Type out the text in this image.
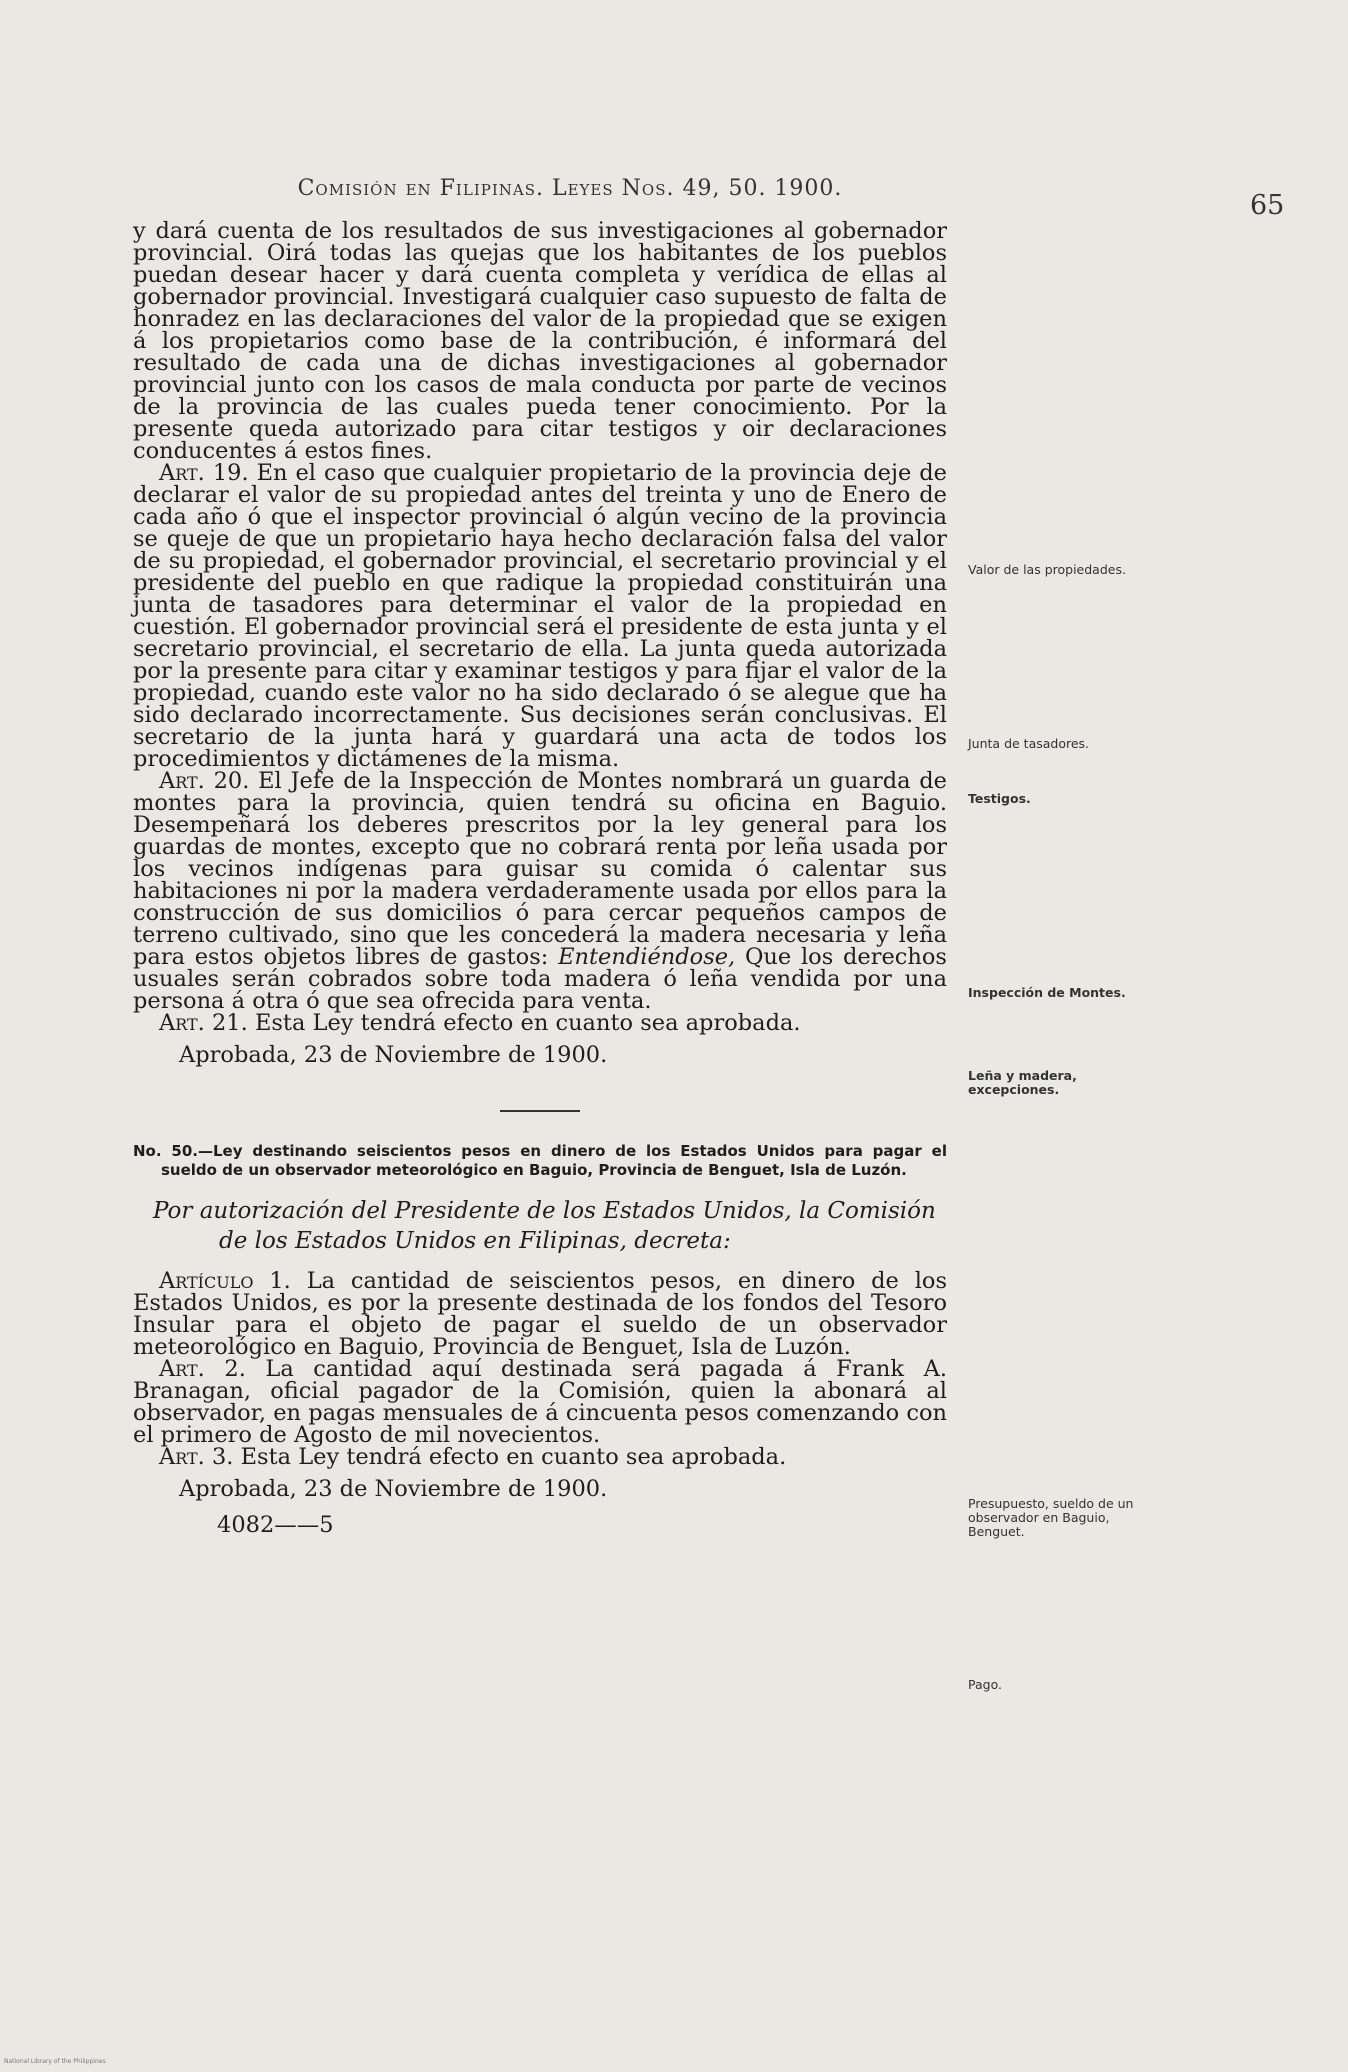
Comisión en Filipinas. Leyes Nos. 49, 50. 1900.
65

y dará cuenta de los resultados de sus investigaciones al gobernador provincial. Oirá todas las quejas que los habitantes de los pueblos puedan desear hacer y dará cuenta completa y verídica de ellas al gobernador provincial. Investigará cualquier caso supuesto de falta de honradez en las declaraciones del valor de la propiedad que se exigen á los propietarios como base de la contribución, é informará del resultado de cada una de dichas investigaciones al gobernador provincial junto con los casos de mala conducta por parte de vecinos de la provincia de las cuales pueda tener conocimiento. Por la presente queda autorizado para citar testigos y oir declaraciones conducentes á estos fines.

Art. 19. En el caso que cualquier propietario de la provincia deje de declarar el valor de su propiedad antes del treinta y uno de Enero de cada año ó que el inspector provincial ó algún vecino de la provincia se queje de que un propietario haya hecho declaración falsa del valor de su propiedad, el gobernador provincial, el secretario provincial y el presidente del pueblo en que radique la propiedad constituirán una junta de tasadores para determinar el valor de la propiedad en cuestión. El gobernador provincial será el presidente de esta junta y el secretario provincial, el secretario de ella. La junta queda autorizada por la presente para citar y examinar testigos y para fijar el valor de la propiedad, cuando este valor no ha sido declarado ó se alegue que ha sido declarado incorrectamente. Sus decisiones serán conclusivas. El secretario de la junta hará y guardará una acta de todos los procedimientos y dictámenes de la misma.

Art. 20. El Jefe de la Inspección de Montes nombrará un guarda de montes para la provincia, quien tendrá su oficina en Baguio. Desempeñará los deberes prescritos por la ley general para los guardas de montes, excepto que no cobrará renta por leña usada por los vecinos indígenas para guisar su comida ó calentar sus habitaciones ni por la madera verdaderamente usada por ellos para la construcción de sus domicilios ó para cercar pequeños campos de terreno cultivado, sino que les concederá la madera necesaria y leña para estos objetos libres de gastos: Entendiéndose, Que los derechos usuales serán cobrados sobre toda madera ó leña vendida por una persona á otra ó que sea ofrecida para venta.

Art. 21. Esta Ley tendrá efecto en cuanto sea aprobada.

Aprobada, 23 de Noviembre de 1900.

No. 50.—Ley destinando seiscientos pesos en dinero de los Estados Unidos para pagar el sueldo de un observador meteorológico en Baguio, Provincia de Benguet, Isla de Luzón.

Por autorización del Presidente de los Estados Unidos, la Comisión
de los Estados Unidos en Filipinas, decreta:

Artículo 1. La cantidad de seiscientos pesos, en dinero de los Estados Unidos, es por la presente destinada de los fondos del Tesoro Insular para el objeto de pagar el sueldo de un observador meteorológico en Baguio, Provincia de Benguet, Isla de Luzón.

Art. 2. La cantidad aquí destinada será pagada á Frank A. Branagan, oficial pagador de la Comisión, quien la abonará al observador, en pagas mensuales de á cincuenta pesos comenzando con el primero de Agosto de mil novecientos.

Art. 3. Esta Ley tendrá efecto en cuanto sea aprobada.

Aprobada, 23 de Noviembre de 1900.

4082——5

Valor de las propiedades.
Junta de tasadores.
Testigos.
Inspección de Montes.
Leña y madera, excepciones.
Presupuesto, sueldo de un observador en Baguio, Benguet.
Pago.
National Library of the Philippines
